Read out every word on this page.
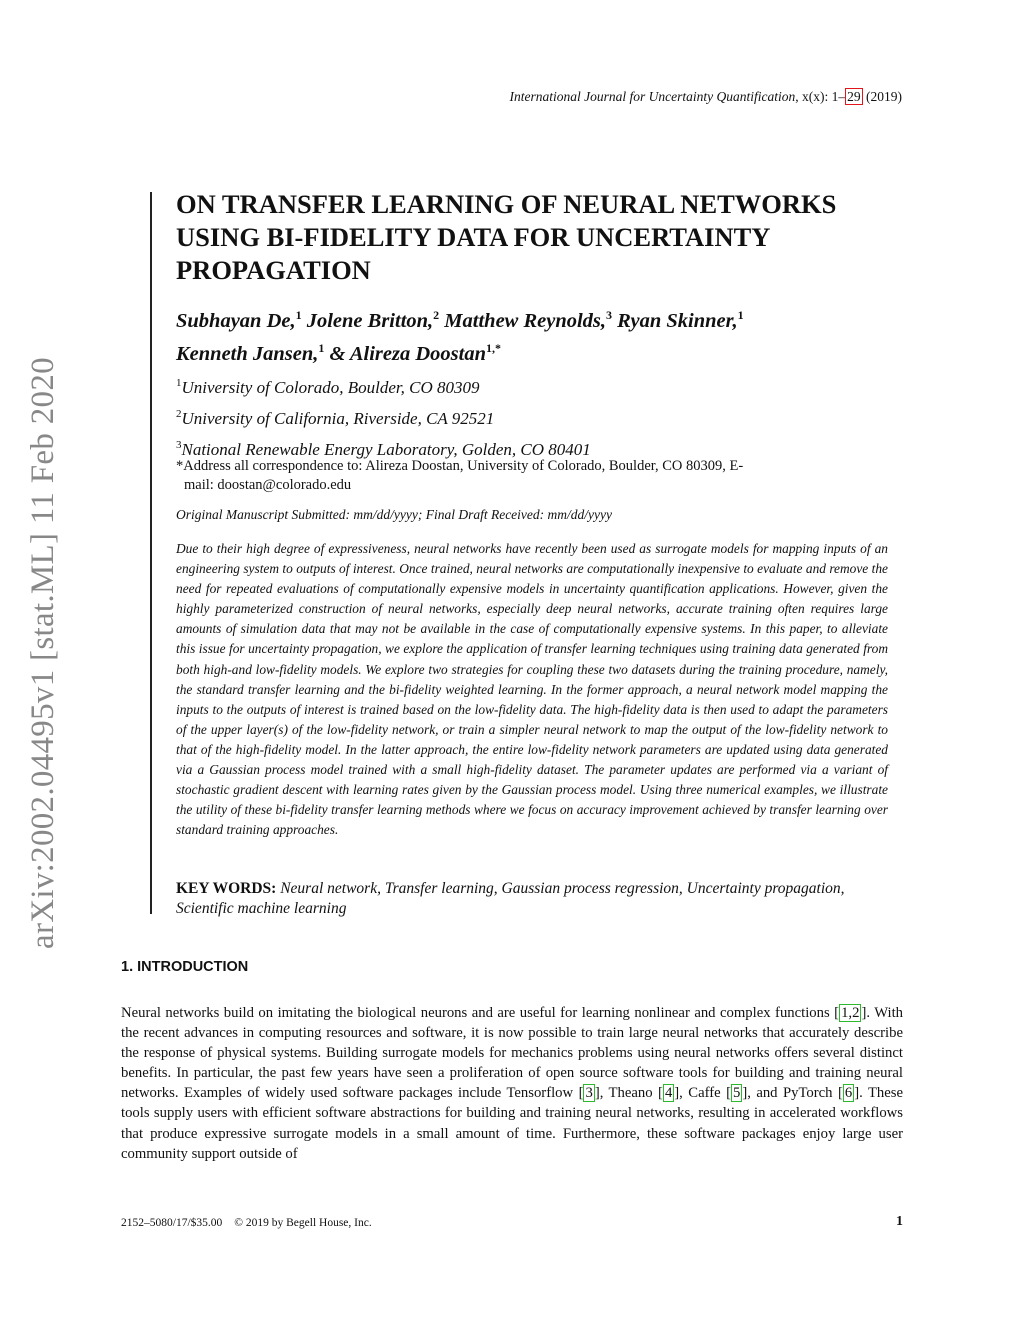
International Journal for Uncertainty Quantification, x(x): 1– 29 (2019)
arXiv:2002.04495v1 [stat.ML] 11 Feb 2020
ON TRANSFER LEARNING OF NEURAL NETWORKS USING BI-FIDELITY DATA FOR UNCERTAINTY PROPAGATION
Subhayan De,$^1$ Jolene Britton,$^2$ Matthew Reynolds,$^3$ Ryan Skinner,$^1$
Kenneth Jansen,$^1$ & Alireza Doostan$^{1,*}$
$^1$University of Colorado, Boulder, CO 80309
$^2$University of California, Riverside, CA 92521
$^3$National Renewable Energy Laboratory, Golden, CO 80401
*Address all correspondence to: Alireza Doostan, University of Colorado, Boulder, CO 80309, E-
mail: doostan@colorado.edu
Original Manuscript Submitted: mm/dd/yyyy; Final Draft Received: mm/dd/yyyy

Due to their high degree of expressiveness, neural networks have recently been used as surrogate models for mapping inputs of an engineering system to outputs of interest. Once trained, neural networks are computationally inexpensive to evaluate and remove the need for repeated evaluations of computationally expensive models in uncertainty quantification applications. However, given the highly parameterized construction of neural networks, especially deep neural networks, accurate training often requires large amounts of simulation data that may not be available in the case of computationally expensive systems. In this paper, to alleviate this issue for uncertainty propagation, we explore the application of transfer learning techniques using training data generated from both high-and low-fidelity models. We explore two strategies for coupling these two datasets during the training procedure, namely, the standard transfer learning and the bi-fidelity weighted learning. In the former approach, a neural network model mapping the inputs to the outputs of interest is trained based on the low-fidelity data. The high-fidelity data is then used to adapt the parameters of the upper layer(s) of the low-fidelity network, or train a simpler neural network to map the output of the low-fidelity network to that of the high-fidelity model. In the latter approach, the entire low-fidelity network parameters are updated using data generated via a Gaussian process model trained with a small high-fidelity dataset. The parameter updates are performed via a variant of stochastic gradient descent with learning rates given by the Gaussian process model. Using three numerical examples, we illustrate the utility of these bi-fidelity transfer learning methods where we focus on accuracy improvement achieved by transfer learning over standard training approaches.

KEY WORDS: Neural network, Transfer learning, Gaussian process regression, Uncertainty propagation, Scientific machine learning
1. INTRODUCTION

Neural networks build on imitating the biological neurons and are useful for learning nonlinear and complex functions [ 1,2 ]. With the recent advances in computing resources and software, it is now possible to train large neural networks that accurately describe the response of physical systems. Building surrogate models for mechanics problems using neural networks offers several distinct benefits. In particular, the past few years have seen a proliferation of open source software tools for building and training neural networks. Examples of widely used software packages include Tensorflow [ 3 ], Theano [ 4 ], Caffe [ 5 ], and PyTorch [ 6 ]. These tools supply users with efficient software abstractions for building and training neural networks, resulting in accelerated workflows that produce expressive surrogate models in a small amount of time. Furthermore, these software packages enjoy large user community support outside of

2152–5080/17/$35.00 © 2019 by Begell House, Inc.	1
